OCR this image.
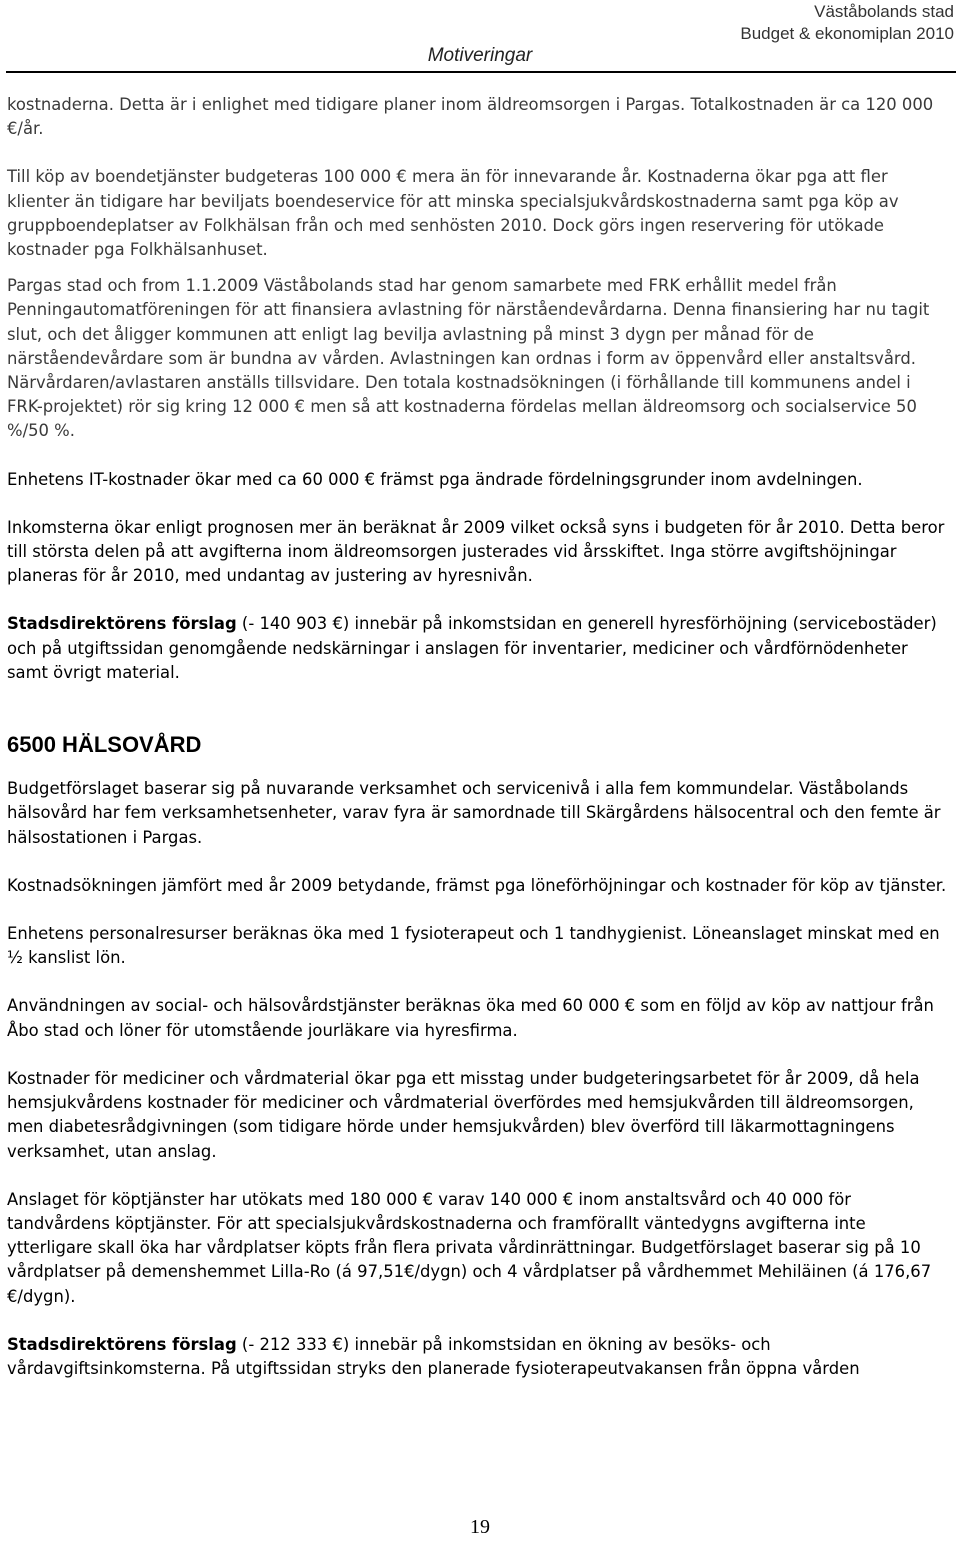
Väståbolands stad
Budget & ekonomiplan 2010
Motiveringar

kostnaderna. Detta är i enlighet med tidigare planer inom äldreomsorgen i Pargas. Totalkostnaden är ca 120 000 €/år.

Till köp av boendetjänster budgeteras 100 000 € mera än för innevarande år. Kostnaderna ökar pga att fler klienter än tidigare har beviljats boendeservice för att minska specialsjukvårdskostnaderna samt pga köp av gruppboendeplatser av Folkhälsan från och med senhösten 2010. Dock görs ingen reservering för utökade kostnader pga Folkhälsanhuset.

Pargas stad och from 1.1.2009 Väståbolands stad har genom samarbete med FRK erhållit medel från Penningautomatföreningen för att finansiera avlastning för närståendevårdarna. Denna finansiering har nu tagit slut, och det åligger kommunen att enligt lag bevilja avlastning på minst 3 dygn per månad för de närståendevårdare som är bundna av vården. Avlastningen kan ordnas i form av öppenvård eller anstaltsvård. Närvårdaren/avlastaren anställs tillsvidare. Den totala kostnadsökningen (i förhållande till kommunens andel i FRK-projektet) rör sig kring 12 000 € men så att kostnaderna fördelas mellan äldreomsorg och socialservice 50 %/50 %.

Enhetens IT-kostnader ökar med ca 60 000 € främst pga ändrade fördelningsgrunder inom avdelningen.

Inkomsterna ökar enligt prognosen mer än beräknat år 2009 vilket också syns i budgeten för år 2010. Detta beror till största delen på att avgifterna inom äldreomsorgen justerades vid årsskiftet. Inga större avgiftshöjningar planeras för år 2010, med undantag av justering av hyresnivån.

Stadsdirektörens förslag (- 140 903 €) innebär på inkomstsidan en generell hyresförhöjning (servicebostäder) och på utgiftssidan genomgående nedskärningar i anslagen för inventarier, mediciner och vårdförnödenheter samt övrigt material.

6500 HÄLSOVÅRD

Budgetförslaget baserar sig på nuvarande verksamhet och servicenivå i alla fem kommundelar. Väståbolands hälsovård har fem verksamhetsenheter, varav fyra är samordnade till Skärgårdens hälsocentral och den femte är hälsostationen i Pargas.

Kostnadsökningen jämfört med år 2009 betydande, främst pga löneförhöjningar och kostnader för köp av tjänster.

Enhetens personalresurser beräknas öka med 1 fysioterapeut och 1 tandhygienist. Löneanslaget minskat med en ½ kanslist lön.

Användningen av social- och hälsovårdstjänster beräknas öka med 60 000 € som en följd av köp av nattjour från Åbo stad och löner för utomstående jourläkare via hyresfirma.

Kostnader för mediciner och vårdmaterial ökar pga ett misstag under budgeteringsarbetet för år 2009, då hela hemsjukvårdens kostnader för mediciner och vårdmaterial överfördes med hemsjukvården till äldreomsorgen, men diabetesrådgivningen (som tidigare hörde under hemsjukvården) blev överförd till läkarmottagningens verksamhet, utan anslag.

Anslaget för köptjänster har utökats med 180 000 € varav 140 000 € inom anstaltsvård och 40 000 för tandvårdens köptjänster. För att specialsjukvårdskostnaderna och framförallt väntedygns avgifterna inte ytterligare skall öka har vårdplatser köpts från flera privata vårdinrättningar. Budgetförslaget baserar sig på 10 vårdplatser på demenshemmet Lilla-Ro (á 97,51€/dygn) och 4 vårdplatser på vårdhemmet Mehiläinen (á 176,67 €/dygn).

Stadsdirektörens förslag (- 212 333 €) innebär på inkomstsidan en ökning av besöks- och vårdavgiftsinkomsterna. På utgiftssidan stryks den planerade fysioterapeutvakansen från öppna vården

19
